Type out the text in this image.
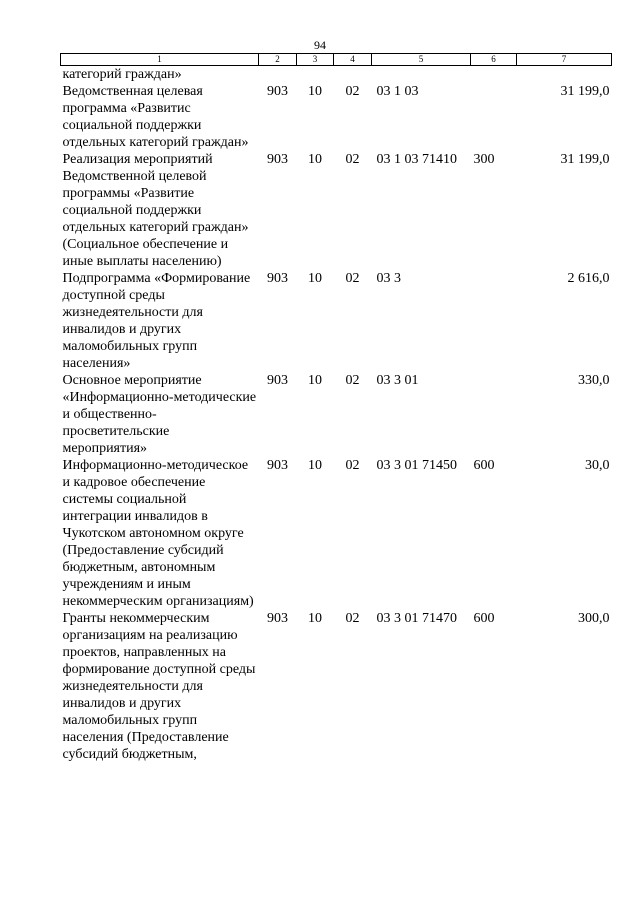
94
1	2	3	4	5	6	7
категорий граждан»						
Ведомственная целевая программа «Развитис социальной поддержки отдельных категорий граждан»	903	10	02	03 1 03		31 199,0
Реализация мероприятий Ведомственной целевой программы «Развитие социальной поддержки отдельных категорий граждан» (Социальное обеспечение и иные выплаты населению)	903	10	02	03 1 03 71410	300	31 199,0
Подпрограмма «Формирование доступной среды жизнедеятельности для инвалидов и других маломобильных групп населения»	903	10	02	03 3		2 616,0
Основное мероприятие «Информационно-методические и общественно-просветительские мероприятия»	903	10	02	03 3 01		330,0
Информационно-методическое и кадровое обеспечение системы социальной интеграции инвалидов в Чукотском автономном округе (Предоставление субсидий бюджетным, автономным учреждениям и иным некоммерческим организациям)	903	10	02	03 3 01 71450	600	30,0
Гранты некоммерческим организациям на реализацию проектов, направленных на формирование доступной среды жизнедеятельности для инвалидов и других маломобильных групп населения (Предоставление субсидий бюджетным,	903	10	02	03 3 01 71470	600	300,0
